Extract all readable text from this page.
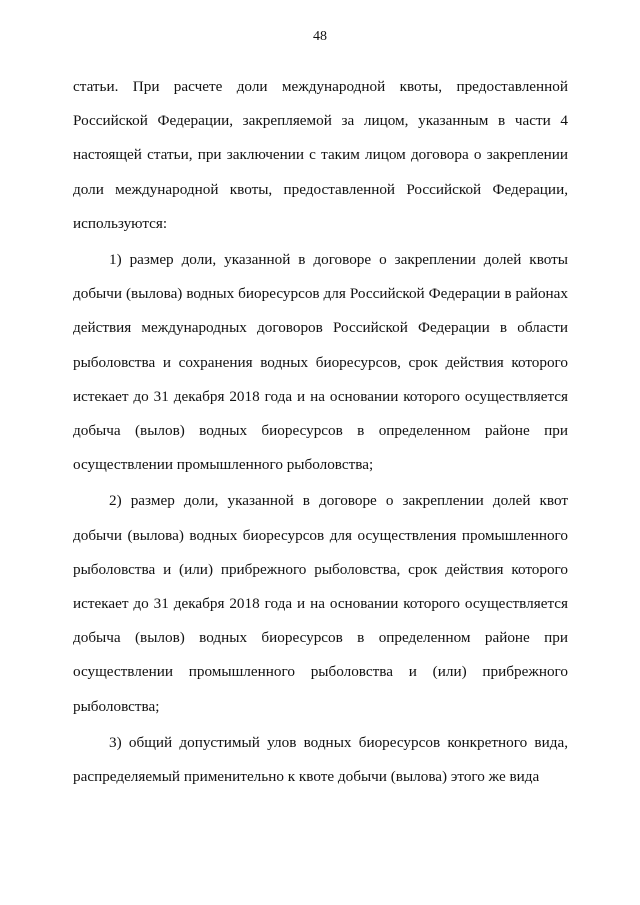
48

статьи. При расчете доли международной квоты, предоставленной Российской Федерации, закрепляемой за лицом, указанным в части 4 настоящей статьи, при заключении с таким лицом договора о закреплении доли международной квоты, предоставленной Российской Федерации, используются:

1) размер доли, указанной в договоре о закреплении долей квоты добычи (вылова) водных биоресурсов для Российской Федерации в районах действия международных договоров Российской Федерации в области рыболовства и сохранения водных биоресурсов, срок действия которого истекает до 31 декабря 2018 года и на основании которого осуществляется добыча (вылов) водных биоресурсов в определенном районе при осуществлении промышленного рыболовства;

2) размер доли, указанной в договоре о закреплении долей квот добычи (вылова) водных биоресурсов для осуществления промышленного рыболовства и (или) прибрежного рыболовства, срок действия которого истекает до 31 декабря 2018 года и на основании которого осуществляется добыча (вылов) водных биоресурсов в определенном районе при осуществлении промышленного рыболовства и (или) прибрежного рыболовства;

3) общий допустимый улов водных биоресурсов конкретного вида, распределяемый применительно к квоте добычи (вылова) этого же вида
